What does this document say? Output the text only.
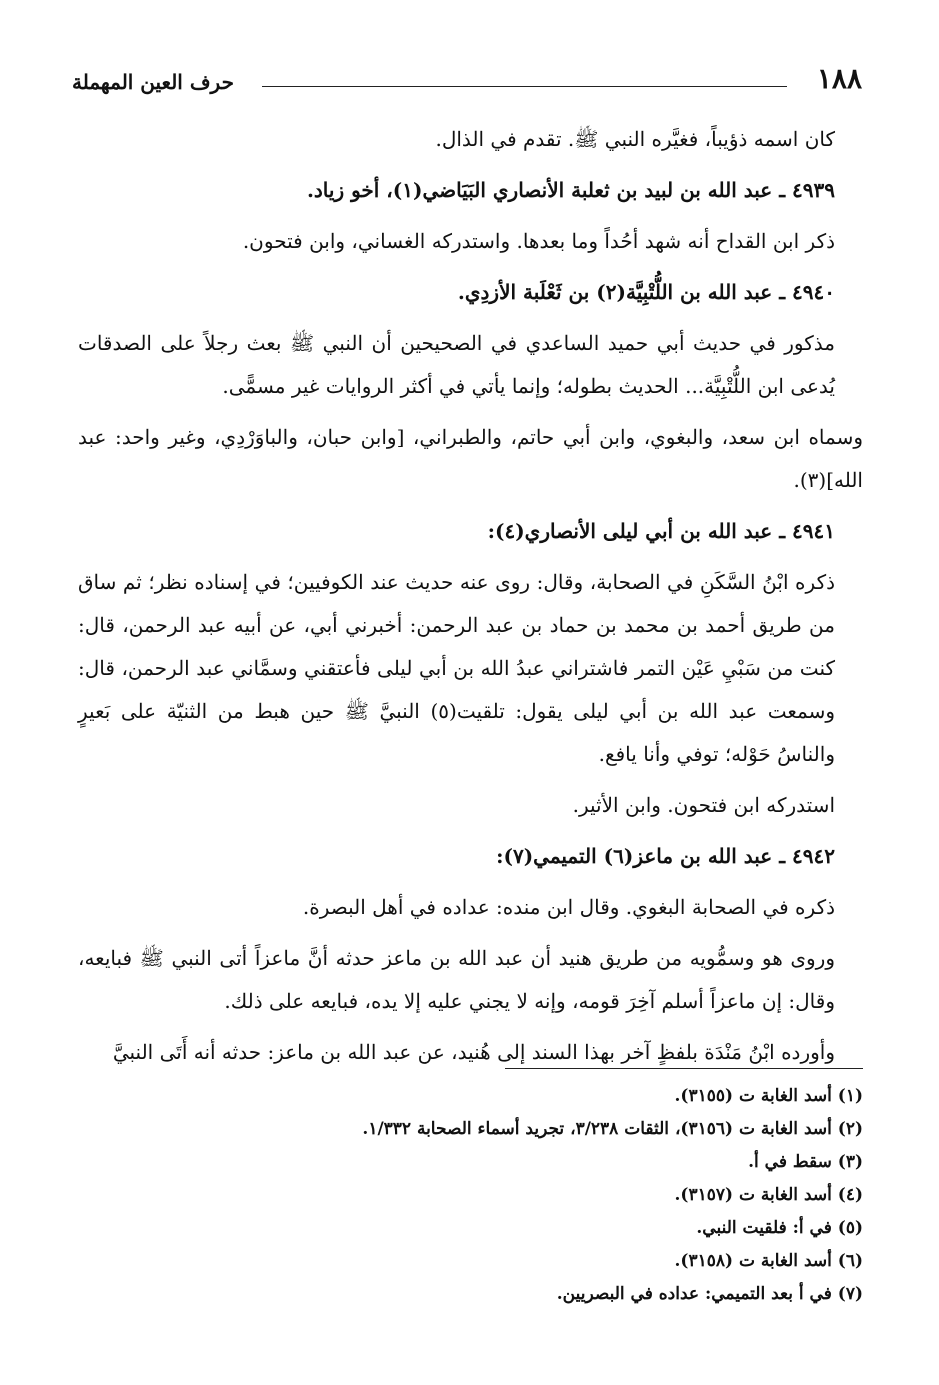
١٨٨
حرف العين المهملة

كان اسمه ذؤيباً، فغيَّره النبي ﷺ. تقدم في الذال.

٤٩٣٩ ـ عبد الله بن لبيد بن ثعلبة الأنصاري البَيَاضي(١)، أخو زياد.

ذكر ابن القداح أنه شهد أحُداً وما بعدها. واستدركه الغساني، وابن فتحون.

٤٩٤٠ ـ عبد الله بن اللُّتْبِيَّة(٢) بن ثَعْلَبة الأزدِي.

مذكور في حديث أبي حميد الساعدي في الصحيحين أن النبي ﷺ بعث رجلاً على الصدقات يُدعى ابن اللُّتْبِيَّة... الحديث بطوله؛ وإنما يأتي في أكثر الروايات غير مسمًّى.

وسماه ابن سعد، والبغوي، وابن أبي حاتم، والطبراني، [وابن حبان، والباوَرْدِي، وغير واحد: عبد الله](٣).

٤٩٤١ ـ عبد الله بن أبي ليلى الأنصاري(٤):

ذكره ابْنُ السَّكَنِ في الصحابة، وقال: روى عنه حديث عند الكوفيين؛ في إسناده نظر؛ ثم ساق من طريق أحمد بن محمد بن حماد بن عبد الرحمن: أخبرني أبي، عن أبيه عبد الرحمن، قال: كنت من سَبْيِ عَيْن التمر فاشتراني عبدُ الله بن أبي ليلى فأعتقني وسمَّاني عبد الرحمن، قال: وسمعت عبد الله بن أبي ليلى يقول: تلقيت(٥) النبيَّ ﷺ حين هبط من الثنيّة على بَعيرٍ والناسُ حَوْله؛ توفي وأنا يافع.

استدركه ابن فتحون. وابن الأثير.

٤٩٤٢ ـ عبد الله بن ماعز(٦) التميمي(٧):

ذكره في الصحابة البغوي. وقال ابن منده: عداده في أهل البصرة.

وروى هو وسمُّويه من طريق هنيد أن عبد الله بن ماعز حدثه أنَّ ماعزاً أتى النبي ﷺ فبايعه، وقال: إن ماعزاً أسلم آخِرَ قومه، وإنه لا يجني عليه إلا يده، فبايعه على ذلك.

وأورده ابْنُ مَنْدَة بلفظٍ آخر بهذا السند إلى هُنيد، عن عبد الله بن ماعز: حدثه أنه أَتَى النبيَّ

(١) أسد الغابة ت (٣١٥٥).
(٢) أسد الغابة ت (٣١٥٦)، الثقات ٣/٢٣٨، تجريد أسماء الصحابة ١/٣٣٢.
(٣) سقط في أ.
(٤) أسد الغابة ت (٣١٥٧).
(٥) في أ: فلقيت النبي.
(٦) أسد الغابة ت (٣١٥٨).
(٧) في أ بعد التميمي: عداده في البصريين.
